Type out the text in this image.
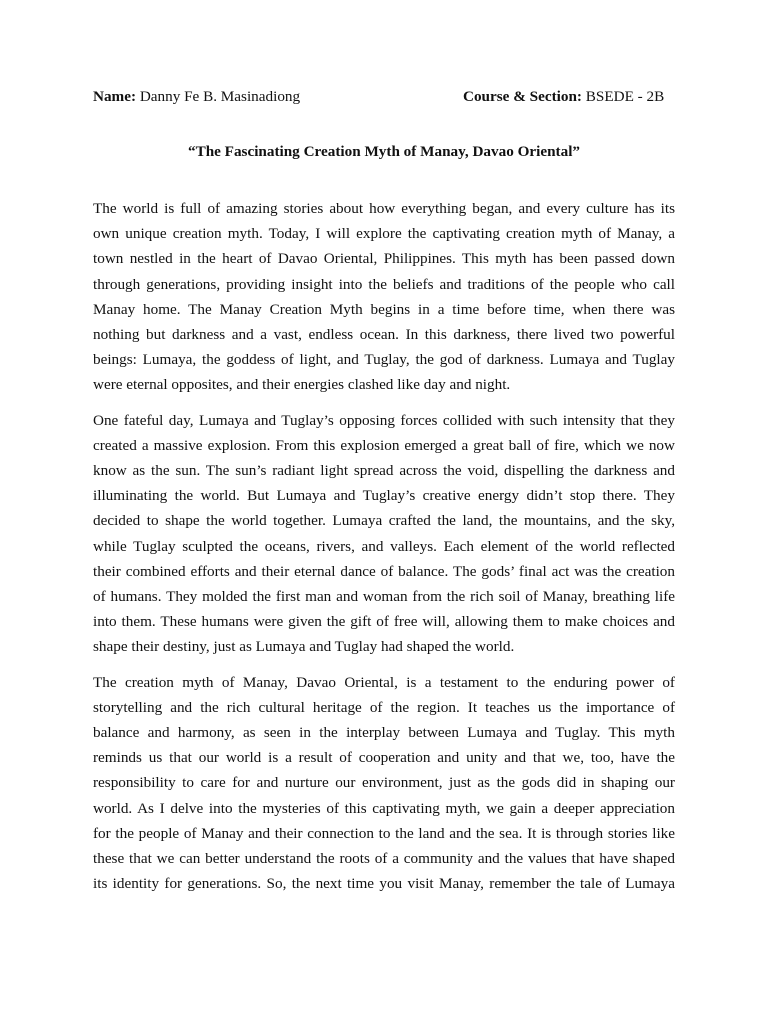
Name: Danny Fe B. Masinadiong	Course & Section: BSEDE - 2B
“The Fascinating Creation Myth of Manay, Davao Oriental”

The world is full of amazing stories about how everything began, and every culture has its
own unique creation myth. Today, I will explore the captivating creation myth of Manay, a
town nestled in the heart of Davao Oriental, Philippines. This myth has been passed down
through generations, providing insight into the beliefs and traditions of the people who call
Manay home. The Manay Creation Myth begins in a time before time, when there was
nothing but darkness and a vast, endless ocean. In this darkness, there lived two powerful
beings: Lumaya, the goddess of light, and Tuglay, the god of darkness. Lumaya and Tuglay
were eternal opposites, and their energies clashed like day and night.

One fateful day, Lumaya and Tuglay’s opposing forces collided with such intensity that they
created a massive explosion. From this explosion emerged a great ball of fire, which we now
know as the sun. The sun’s radiant light spread across the void, dispelling the darkness and
illuminating the world. But Lumaya and Tuglay’s creative energy didn’t stop there. They
decided to shape the world together. Lumaya crafted the land, the mountains, and the sky,
while Tuglay sculpted the oceans, rivers, and valleys. Each element of the world reflected
their combined efforts and their eternal dance of balance. The gods’ final act was the creation
of humans. They molded the first man and woman from the rich soil of Manay, breathing life
into them. These humans were given the gift of free will, allowing them to make choices and
shape their destiny, just as Lumaya and Tuglay had shaped the world.

The creation myth of Manay, Davao Oriental, is a testament to the enduring power of
storytelling and the rich cultural heritage of the region. It teaches us the importance of
balance and harmony, as seen in the interplay between Lumaya and Tuglay. This myth
reminds us that our world is a result of cooperation and unity and that we, too, have the
responsibility to care for and nurture our environment, just as the gods did in shaping our
world. As I delve into the mysteries of this captivating myth, we gain a deeper appreciation
for the people of Manay and their connection to the land and the sea. It is through stories like
these that we can better understand the roots of a community and the values that have shaped
its identity for generations. So, the next time you visit Manay, remember the tale of Lumaya
